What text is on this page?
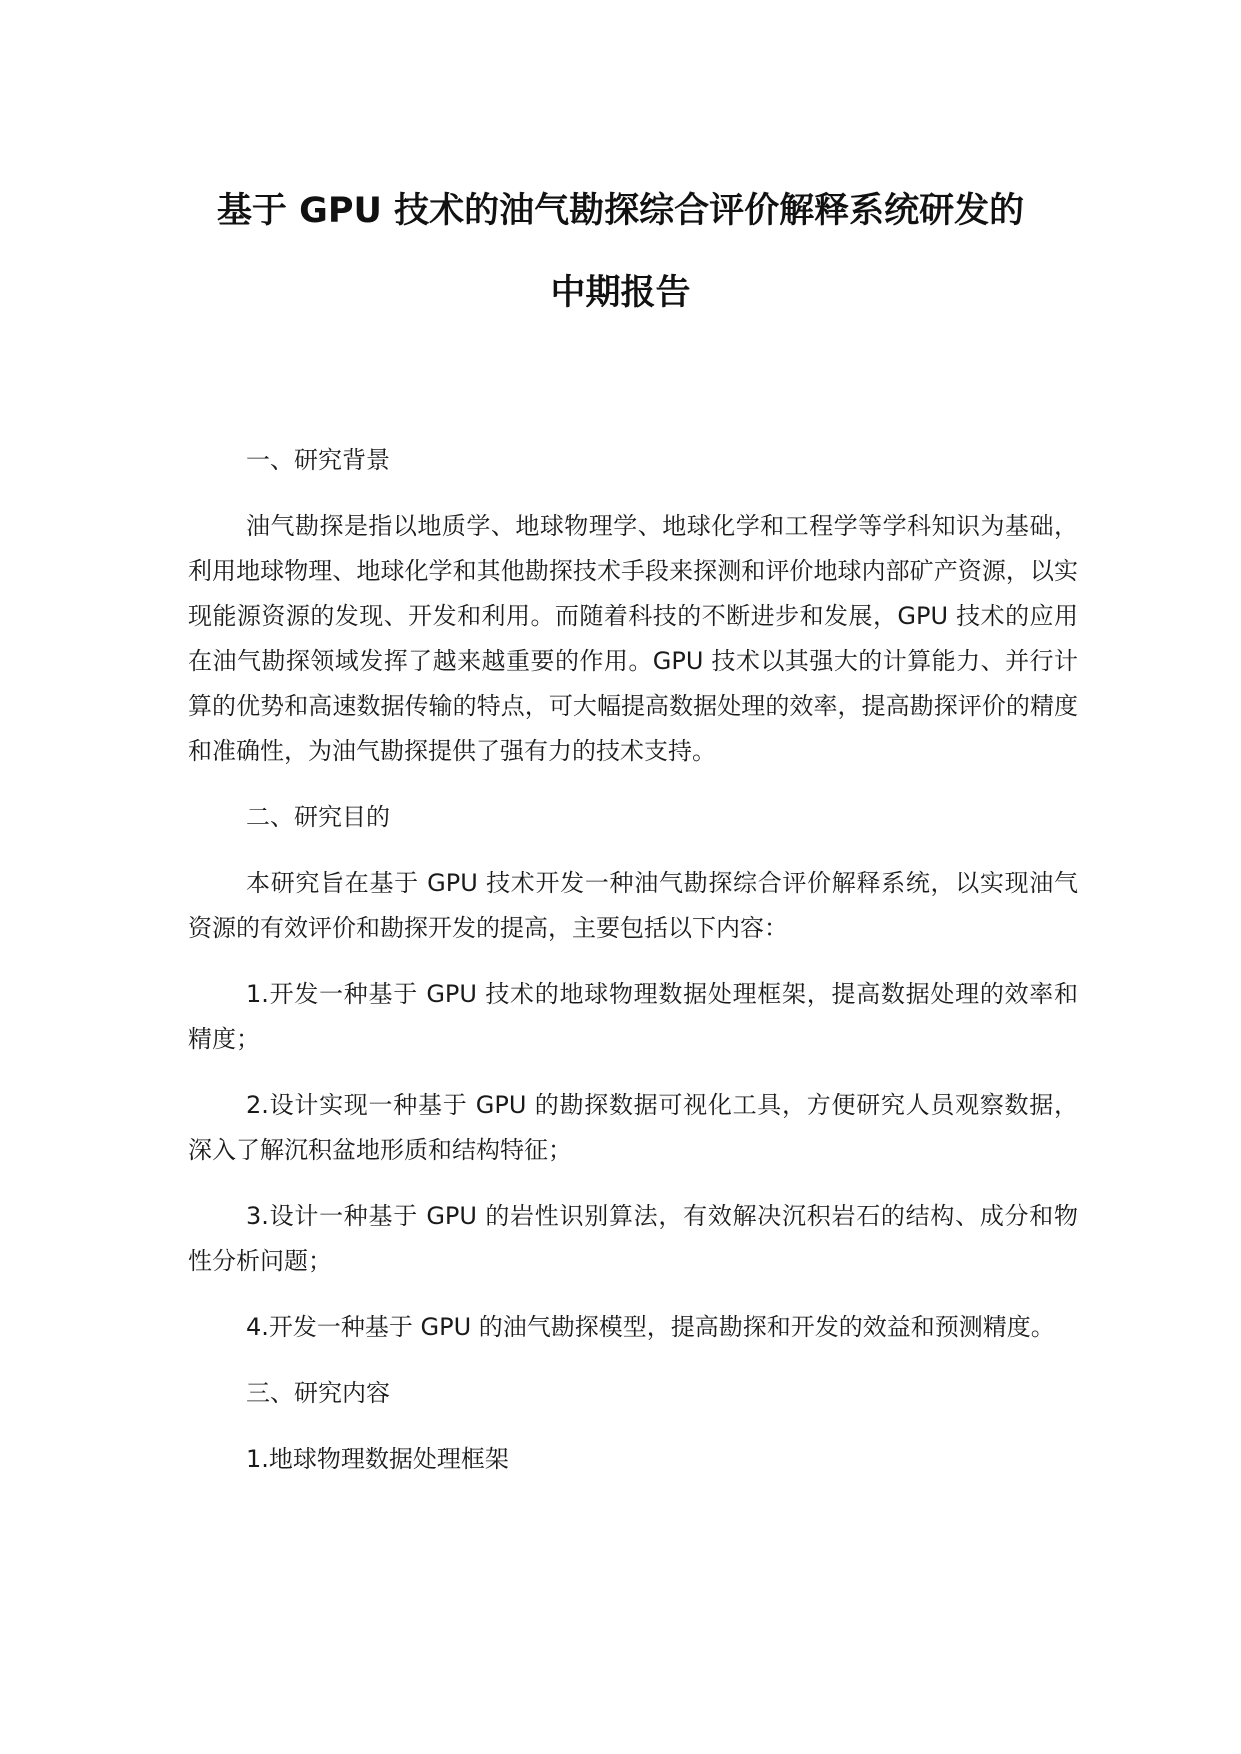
基于 GPU 技术的油气勘探综合评价解释系统研发的
中期报告

一、研究背景

油气勘探是指以地质学、地球物理学、地球化学和工程学等学科知识为基础，利用地球物理、地球化学和其他勘探技术手段来探测和评价地球内部矿产资源，以实现能源资源的发现、开发和利用。而随着科技的不断进步和发展，GPU 技术的应用在油气勘探领域发挥了越来越重要的作用。GPU 技术以其强大的计算能力、并行计算的优势和高速数据传输的特点，可大幅提高数据处理的效率，提高勘探评价的精度和准确性，为油气勘探提供了强有力的技术支持。

二、研究目的

本研究旨在基于 GPU 技术开发一种油气勘探综合评价解释系统，以实现油气资源的有效评价和勘探开发的提高，主要包括以下内容：

1.开发一种基于 GPU 技术的地球物理数据处理框架，提高数据处理的效率和精度；

2.设计实现一种基于 GPU 的勘探数据可视化工具，方便研究人员观察数据，深入了解沉积盆地形质和结构特征；

3.设计一种基于 GPU 的岩性识别算法，有效解决沉积岩石的结构、成分和物性分析问题；

4.开发一种基于 GPU 的油气勘探模型，提高勘探和开发的效益和预测精度。

三、研究内容

1.地球物理数据处理框架
